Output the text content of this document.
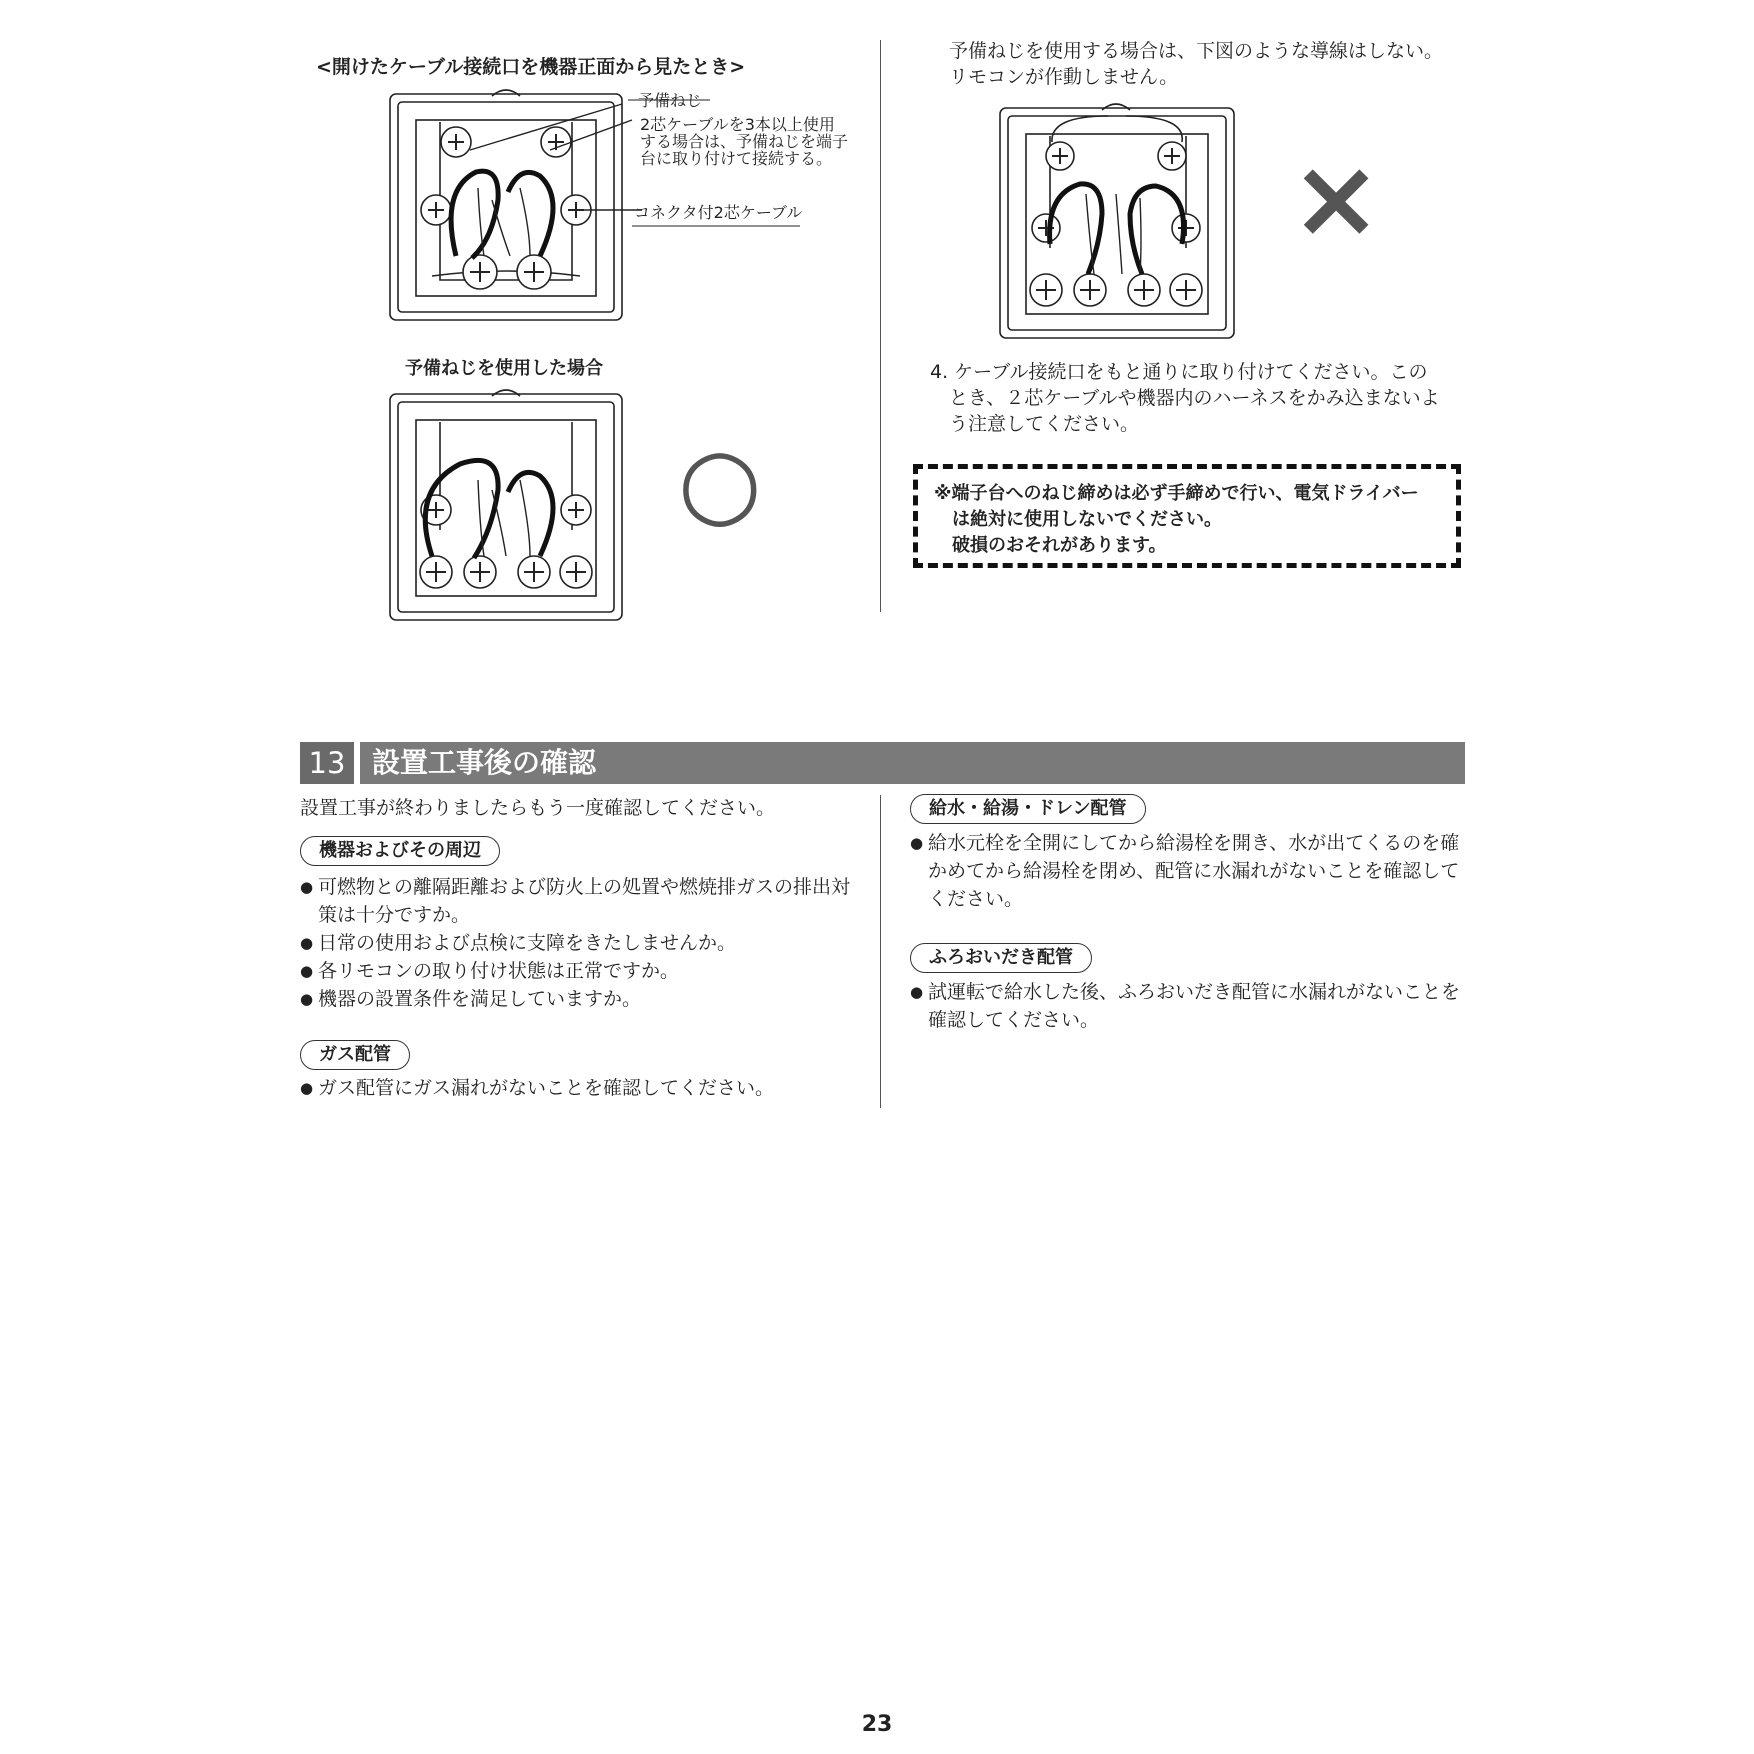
<開けたケーブル接続口を機器正面から見たとき>
予備ねじ
2芯ケーブルを3本以上使用
する場合は、予備ねじを端子
台に取り付けて接続する。
コネクタ付2芯ケーブル
予備ねじを使用した場合
○
予備ねじを使用する場合は、下図のような導線はしない。
リモコンが作動しません。
×
4. ケーブル接続口をもと通りに取り付けてください。この
とき、２芯ケーブルや機器内のハーネスをかみ込まないよ
う注意してください。
※端子台へのねじ締めは必ず手締めで行い、電気ドライバー
は絶対に使用しないでください。
破損のおそれがあります。
13 設置工事後の確認
設置工事が終わりましたらもう一度確認してください。
機器およびその周辺
● 可燃物との離隔距離および防火上の処置や燃焼排ガスの排出対策は十分ですか。
● 日常の使用および点検に支障をきたしませんか。
● 各リモコンの取り付け状態は正常ですか。
● 機器の設置条件を満足していますか。
ガス配管
● ガス配管にガス漏れがないことを確認してください。
給水・給湯・ドレン配管
● 給水元栓を全開にしてから給湯栓を開き、水が出てくるのを確かめてから給湯栓を閉め、配管に水漏れがないことを確認してください。
ふろおいだき配管
● 試運転で給水した後、ふろおいだき配管に水漏れがないことを確認してください。
23
